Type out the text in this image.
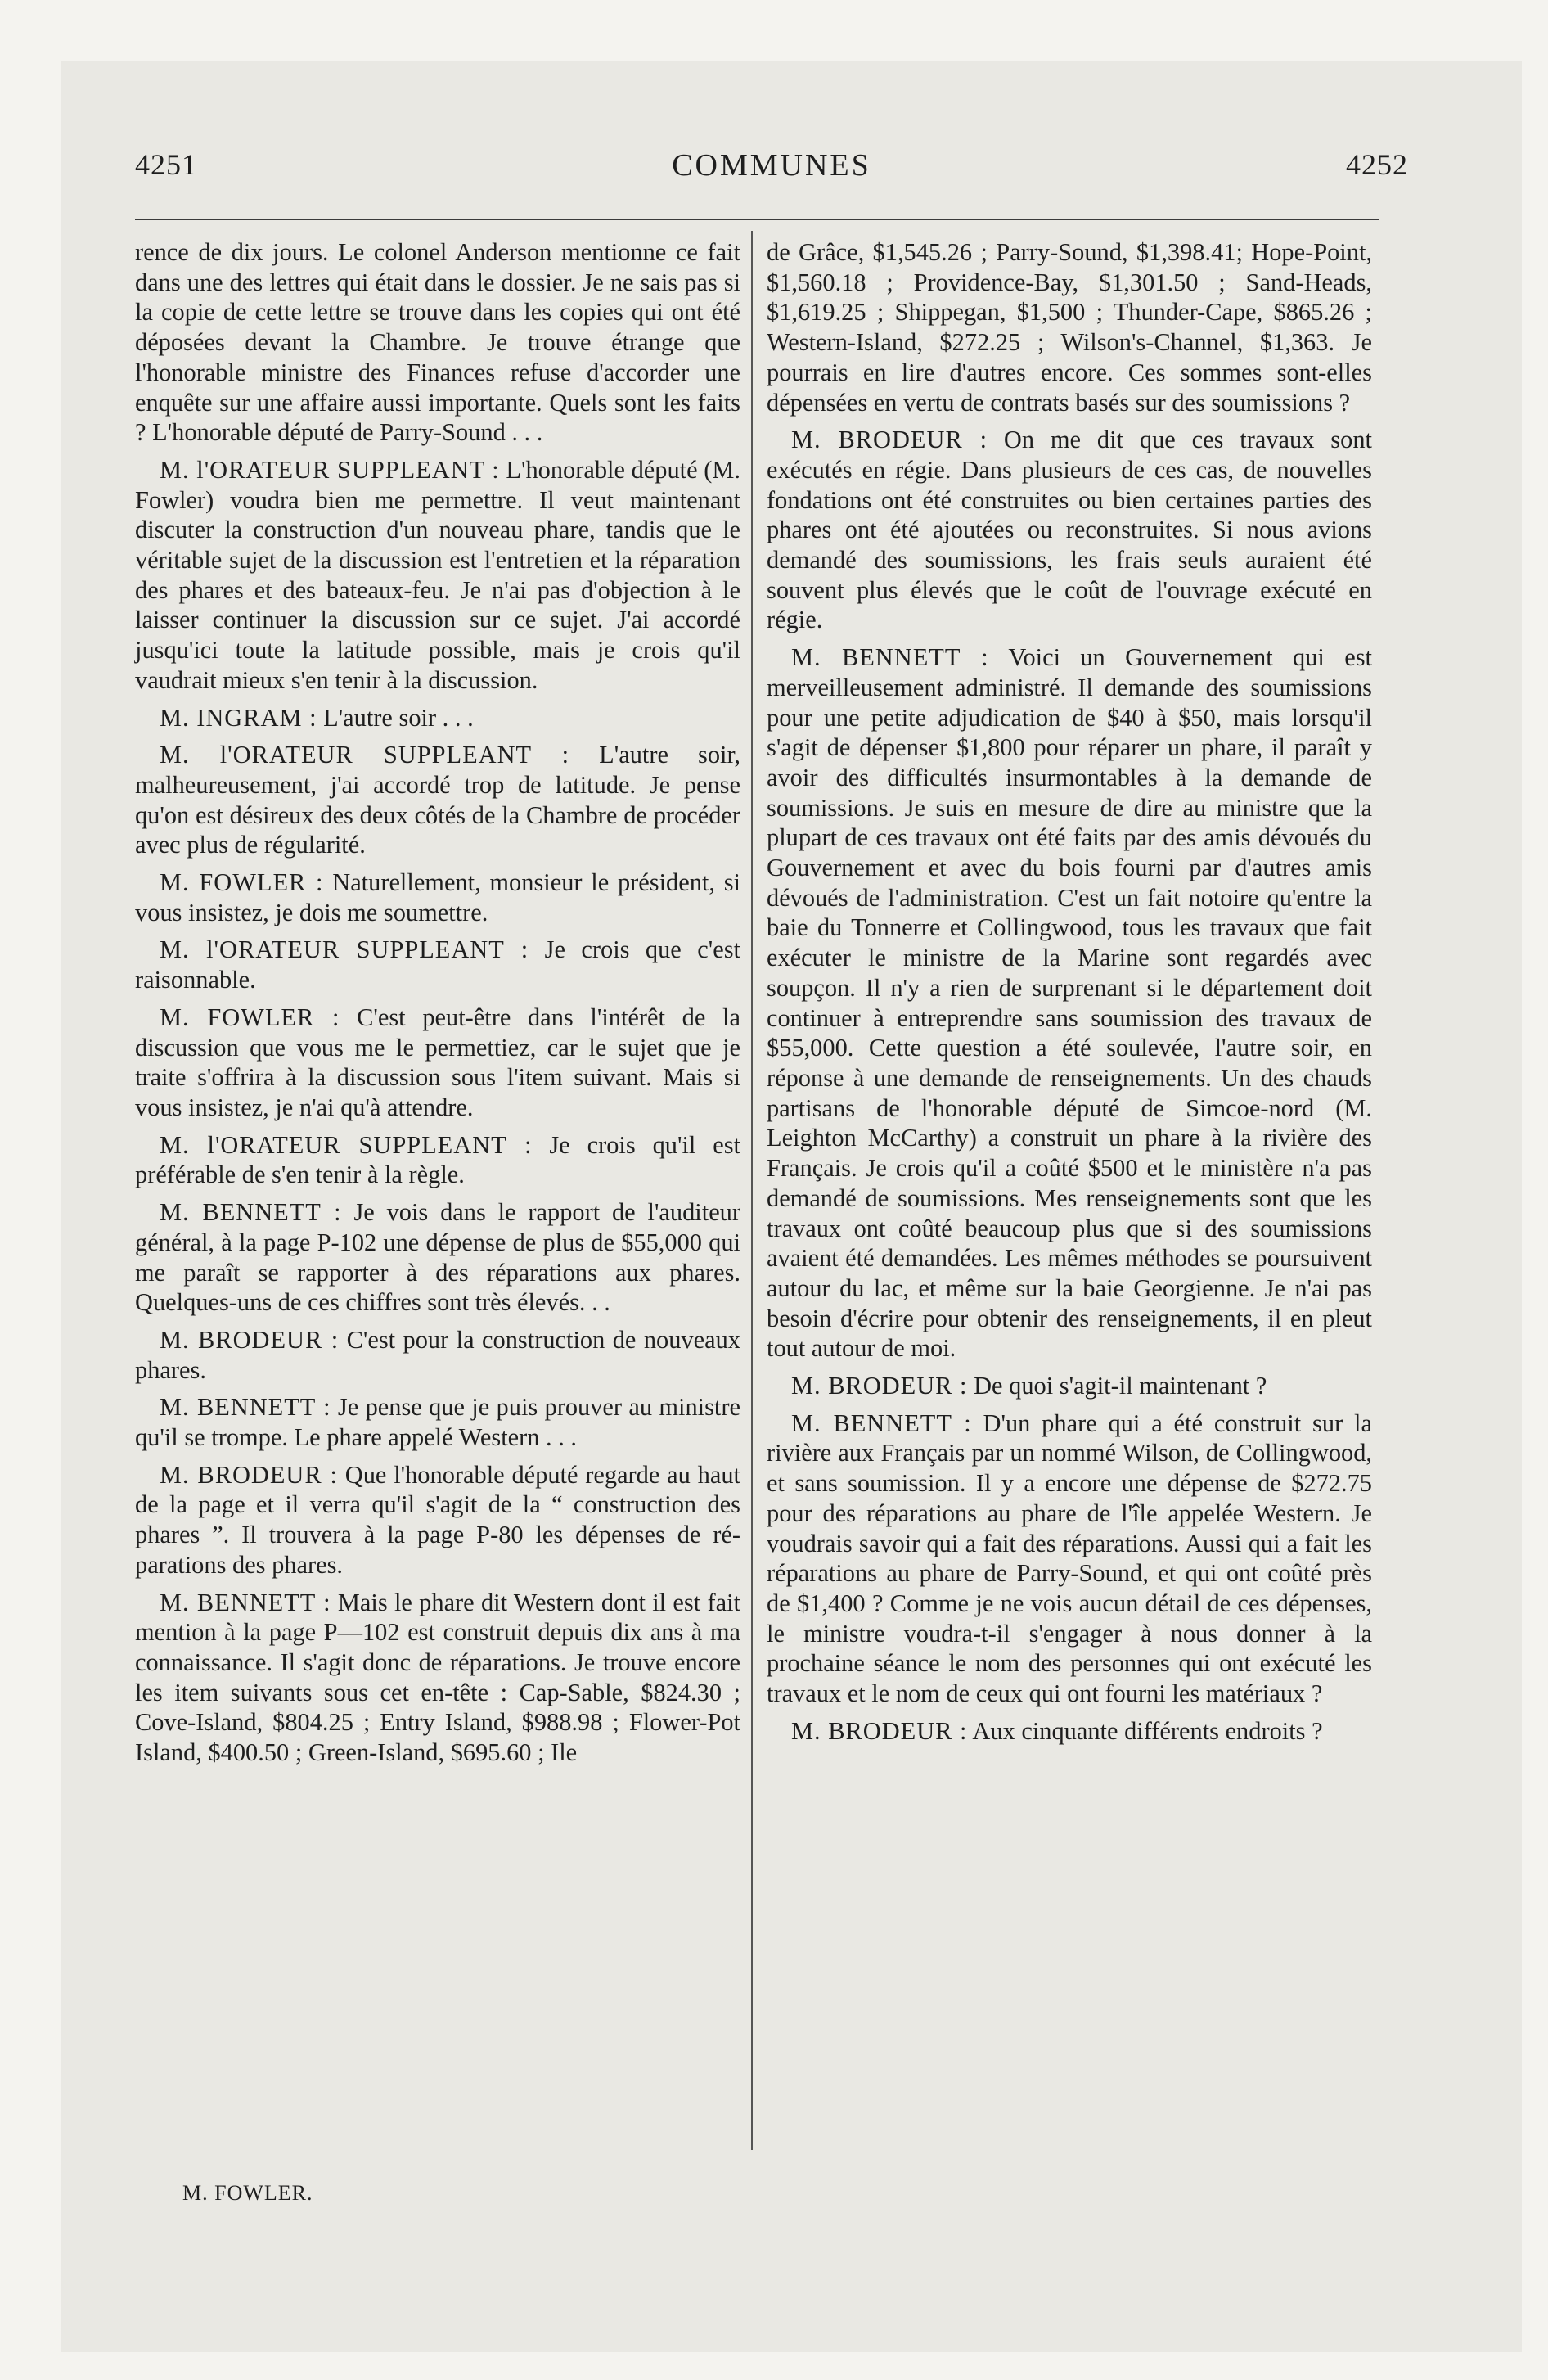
4251	COMMUNES	4252

rence de dix jours. Le colonel Anderson mentionne ce fait dans une des lettres qui était dans le dossier. Je ne sais pas si la copie de cette lettre se trouve dans les copies qui ont été déposées devant la Chambre. Je trouve étrange que l'honorable ministre des Finances refuse d'accorder une enquête sur une affaire aussi importante. Quels sont les faits ? L'honorable député de Parry-Sound . . .

M. l'ORATEUR SUPPLEANT : L'honorable député (M. Fowler) voudra bien me permettre. Il veut maintenant discuter la construction d'un nouveau phare, tandis que le véritable sujet de la discussion est l'entretien et la réparation des phares et des bateaux-feu. Je n'ai pas d'objection à le laisser continuer la discussion sur ce sujet. J'ai accordé jusqu'ici toute la latitude possible, mais je crois qu'il vaudrait mieux s'en tenir à la discussion.

M. INGRAM : L'autre soir . . .

M. l'ORATEUR SUPPLEANT : L'autre soir, malheureusement, j'ai accordé trop de latitude. Je pense qu'on est désireux des deux côtés de la Chambre de procéder avec plus de régularité.

M. FOWLER : Naturellement, monsieur le président, si vous insistez, je dois me soumettre.

M. l'ORATEUR SUPPLEANT : Je crois que c'est raisonnable.

M. FOWLER : C'est peut-être dans l'intérêt de la discussion que vous me le permettiez, car le sujet que je traite s'offrira à la discussion sous l'item suivant. Mais si vous insistez, je n'ai qu'à attendre.

M. l'ORATEUR SUPPLEANT : Je crois qu'il est préférable de s'en tenir à la règle.

M. BENNETT : Je vois dans le rapport de l'auditeur général, à la page P-102 une dépense de plus de $55,000 qui me paraît se rapporter à des réparations aux phares. Quelques-uns de ces chiffres sont très élevés. . .

M. BRODEUR : C'est pour la construction de nouveaux phares.

M. BENNETT : Je pense que je puis prouver au ministre qu'il se trompe. Le phare appelé Western . . .

M. BRODEUR : Que l'honorable député regarde au haut de la page et il verra qu'il s'agit de la “ construction des phares ”. Il trouvera à la page P-80 les dépenses de réparations des phares.

M. BENNETT : Mais le phare dit Western dont il est fait mention à la page P—102 est construit depuis dix ans à ma connaissance. Il s'agit donc de réparations. Je trouve encore les item suivants sous cet en-tête : Cap-Sable, $824.30 ; Cove-Island, $804.25 ; Entry Island, $988.98 ; Flower-Pot Island, $400.50 ; Green-Island, $695.60 ; Ile

de Grâce, $1,545.26 ; Parry-Sound, $1,398.41; Hope-Point, $1,560.18 ; Providence-Bay, $1,301.50 ; Sand-Heads, $1,619.25 ; Shippegan, $1,500 ; Thunder-Cape, $865.26 ; Western-Island, $272.25 ; Wilson's-Channel, $1,363. Je pourrais en lire d'autres encore. Ces sommes sont-elles dépensées en vertu de contrats basés sur des soumissions ?

M. BRODEUR : On me dit que ces travaux sont exécutés en régie. Dans plusieurs de ces cas, de nouvelles fondations ont été construites ou bien certaines parties des phares ont été ajoutées ou reconstruites. Si nous avions demandé des soumissions, les frais seuls auraient été souvent plus élevés que le coût de l'ouvrage exécuté en régie.

M. BENNETT : Voici un Gouvernement qui est merveilleusement administré. Il demande des soumissions pour une petite adjudication de $40 à $50, mais lorsqu'il s'agit de dépenser $1,800 pour réparer un phare, il paraît y avoir des difficultés insurmontables à la demande de soumissions. Je suis en mesure de dire au ministre que la plupart de ces travaux ont été faits par des amis dévoués du Gouvernement et avec du bois fourni par d'autres amis dévoués de l'administration. C'est un fait notoire qu'entre la baie du Tonnerre et Collingwood, tous les travaux que fait exécuter le ministre de la Marine sont regardés avec soupçon. Il n'y a rien de surprenant si le département doit continuer à entreprendre sans soumission des travaux de $55,000. Cette question a été soulevée, l'autre soir, en réponse à une demande de renseignements. Un des chauds partisans de l'honorable député de Simcoe-nord (M. Leighton McCarthy) a construit un phare à la rivière des Français. Je crois qu'il a coûté $500 et le ministère n'a pas demandé de soumissions. Mes renseignements sont que les travaux ont coûté beaucoup plus que si des soumissions avaient été demandées. Les mêmes méthodes se poursuivent autour du lac, et même sur la baie Georgienne. Je n'ai pas besoin d'écrire pour obtenir des renseignements, il en pleut tout autour de moi.

M. BRODEUR : De quoi s'agit-il maintenant ?

M. BENNETT : D'un phare qui a été construit sur la rivière aux Français par un nommé Wilson, de Collingwood, et sans soumission. Il y a encore une dépense de $272.75 pour des réparations au phare de l'île appelée Western. Je voudrais savoir qui a fait des réparations. Aussi qui a fait les réparations au phare de Parry-Sound, et qui ont coûté près de $1,400 ? Comme je ne vois aucun détail de ces dépenses, le ministre voudra-t-il s'engager à nous donner à la prochaine séance le nom des personnes qui ont exécuté les travaux et le nom de ceux qui ont fourni les matériaux ?

M. BRODEUR : Aux cinquante différents endroits ?

M. FOWLER.
